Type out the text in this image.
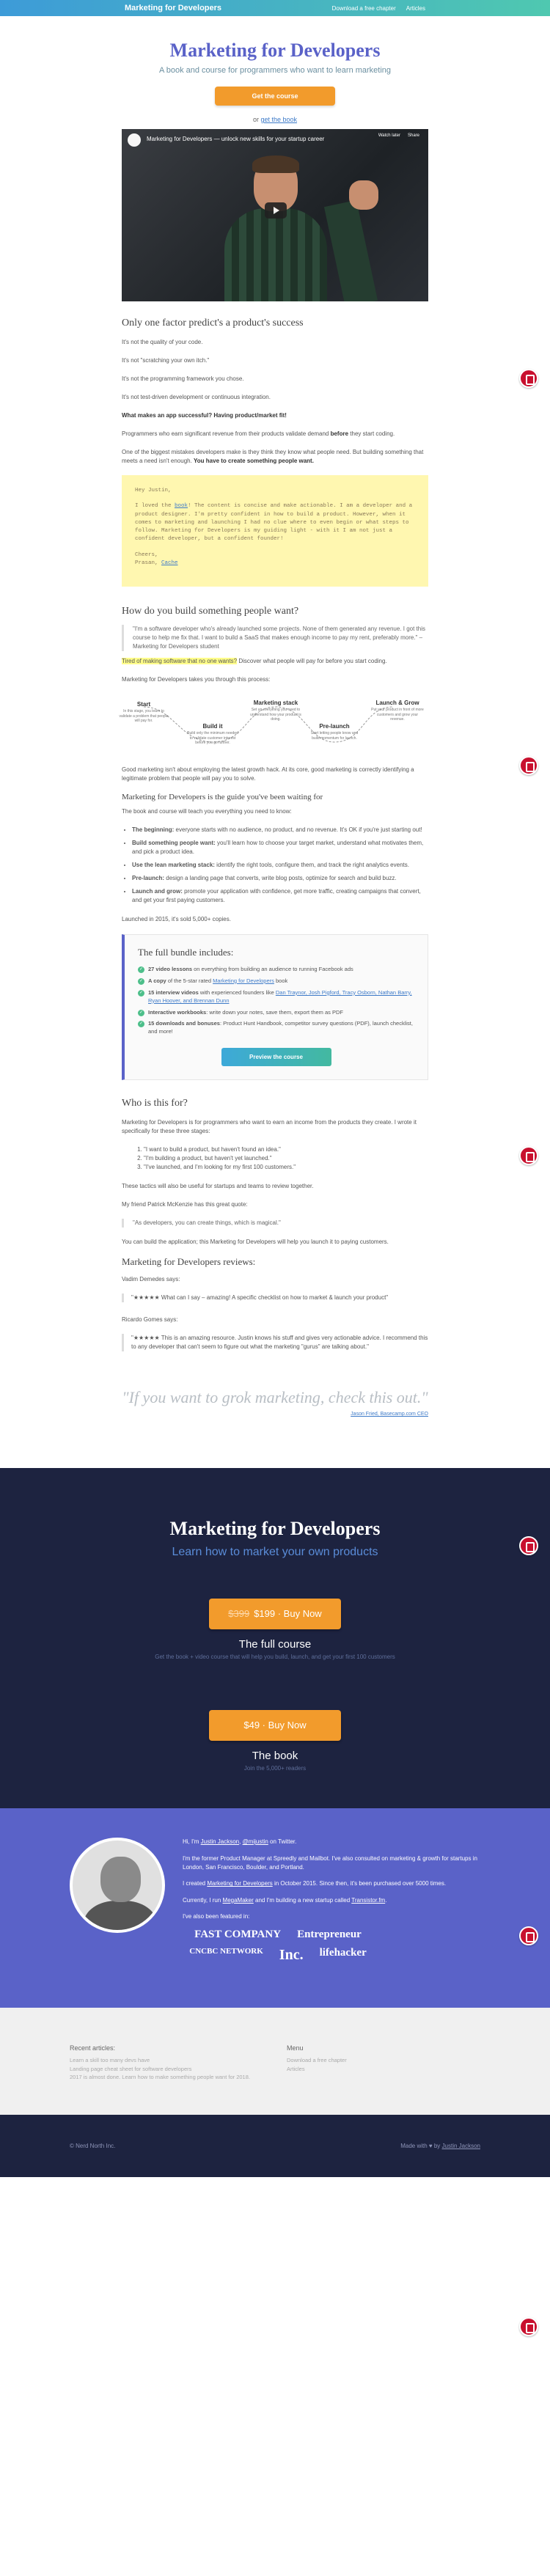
Marketing for Developers	Download a free chapter Articles
Marketing for Developers
A book and course for programmers who want to learn marketing
Get the course
or get the book
Marketing for Developers — unlock new skills for your startup career	Watch later Share
Only one factor predict's a product's success

It's not the quality of your code.

It's not "scratching your own itch."

It's not the programming framework you chose.

It's not test-driven development or continuous integration.

What makes an app successful? Having product/market fit!

Programmers who earn significant revenue from their products validate demand before they start coding.

One of the biggest mistakes developers make is they think they know what people need. But building something that meets a need isn't enough. You have to create something people want.

Hey Justin,

I loved the book! The content is concise and make actionable. I am a developer and a product designer. I'm pretty confident in how to build a product. However, when it comes to marketing and launching I had no clue where to even begin or what steps to follow. Marketing for Developers is my guiding light - with it I am not just a confident developer, but a confident founder!

Cheers,
Prasan, Cache

How do you build something people want?
"I'm a software developer who's already launched some projects. None of them generated any revenue. I got this course to help me fix that. I want to build a SaaS that makes enough income to pay my rent, preferably more." – Marketing for Developers student

Tired of making software that no one wants? Discover what people will pay for before you start coding.

Marketing for Developers takes you through this process:

Start
In this stage, you learn to validate a problem that people will pay for.
Build it
Build only the minimum needed to validate customer interest before you go further.
Marketing stack
Set up everything you need to understand how your product is doing.
Pre-launch
Start letting people know and build momentum for launch.
Launch & Grow
Put your product in front of more customers and grow your revenue.

Good marketing isn't about employing the latest growth hack. At its core, good marketing is correctly identifying a legitimate problem that people will pay you to solve.

Marketing for Developers is the guide you've been waiting for

The book and course will teach you everything you need to know:

• The beginning: everyone starts with no audience, no product, and no revenue. It's OK if you're just starting out!
• Build something people want: you'll learn how to choose your target market, understand what motivates them, and pick a product idea.
• Use the lean marketing stack: identify the right tools, configure them, and track the right analytics events.
• Pre-launch: design a landing page that converts, write blog posts, optimize for search and build buzz.
• Launch and grow: promote your application with confidence, get more traffic, creating campaigns that convert, and get your first paying customers.

Launched in 2015, it's sold 5,000+ copies.

The full bundle includes:
✓ 27 video lessons on everything from building an audience to running Facebook ads
✓ A copy of the 5-star rated Marketing for Developers book
✓ 15 interview videos with experienced founders like Dan Traynor, Josh Pigford, Tracy Osborn, Nathan Barry, Ryan Hoover, and Brennan Dunn
✓ Interactive workbooks: write down your notes, save them, export them as PDF
✓ 15 downloads and bonuses: Product Hunt Handbook, competitor survey questions (PDF), launch checklist, and more!
Preview the course
Who is this for?

Marketing for Developers is for programmers who want to earn an income from the products they create. I wrote it specifically for these three stages:

1. "I want to build a product, but haven't found an idea."
2. "I'm building a product, but haven't yet launched."
3. "I've launched, and I'm looking for my first 100 customers."

These tactics will also be useful for startups and teams to review together.

My friend Patrick McKenzie has this great quote:

"As developers, you can create things, which is magical."

You can build the application; this Marketing for Developers will help you launch it to paying customers.

Marketing for Developers reviews:

Vadim Demedes says:

"★★★★★ What can I say – amazing! A specific checklist on how to market & launch your product"

Ricardo Gomes says:

"★★★★★ This is an amazing resource. Justin knows his stuff and gives very actionable advice. I recommend this to any developer that can't seem to figure out what the marketing "gurus" are talking about."
"If you want to grok marketing, check this out."
Jason Fried, Basecamp.com CEO
Marketing for Developers
Learn how to market your own products
$399 $199 · Buy Now
The full course
Get the book + video course that will help you build, launch, and get your first 100 customers
$49 · Buy Now
The book
Join the 5,000+ readers

Hi, I'm Justin Jackson, @mijustin on Twitter.

I'm the former Product Manager at Spreedly and Mailbot. I've also consulted on marketing & growth for startups in London, San Francisco, Boulder, and Portland.

I created Marketing for Developers in October 2015. Since then, it's been purchased over 5000 times.

Currently, I run MegaMaker and I'm building a new startup called Transistor.fm.

I've also been featured in:

FAST COMPANY Entrepreneur
CNCBC NETWORK Inc. lifehacker
Recent articles:
Learn a skill too many devs have
Landing page cheat sheet for software developers
2017 is almost done. Learn how to make something people want for 2018.
Menu
Download a free chapter
Articles
© Nerd North Inc.	Made with ♥ by Justin Jackson
